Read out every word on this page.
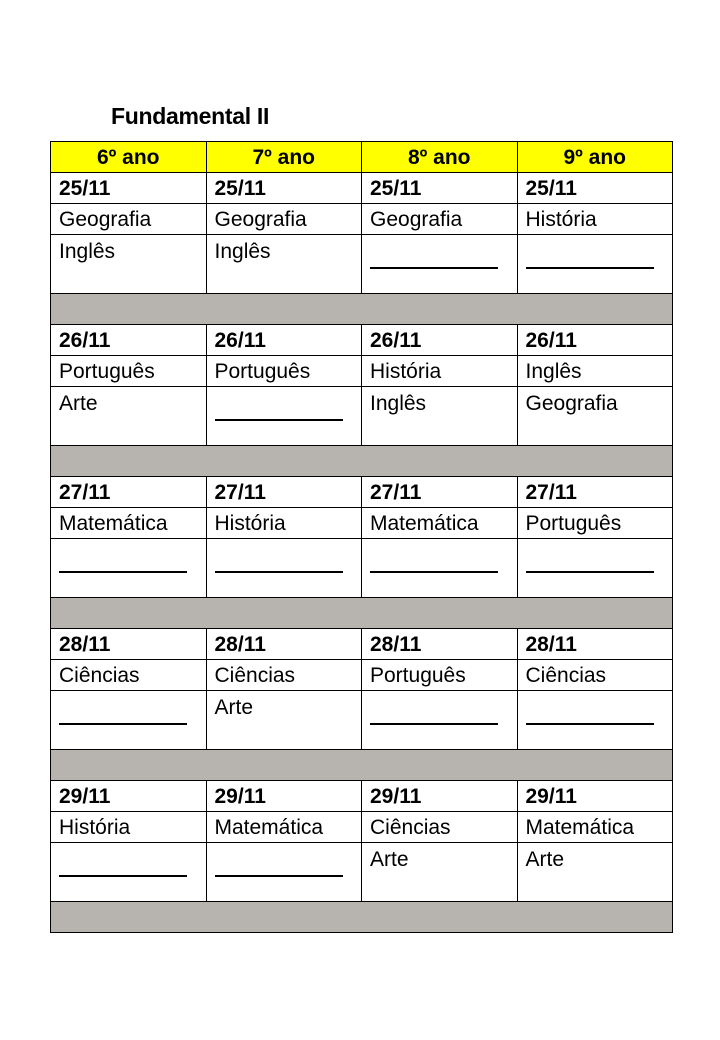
Fundamental II
6º ano	7º ano	8º ano	9º ano
25/11	25/11	25/11	25/11
Geografia	Geografia	Geografia	História
Inglês	Inglês		

26/11	26/11	26/11	26/11
Português	Português	História	Inglês
Arte		Inglês	Geografia

27/11	27/11	27/11	27/11
Matemática	História	Matemática	Português

28/11	28/11	28/11	28/11
Ciências	Ciências	Português	Ciências
	Arte		

29/11	29/11	29/11	29/11
História	Matemática	Ciências	Matemática
		Arte	Arte
